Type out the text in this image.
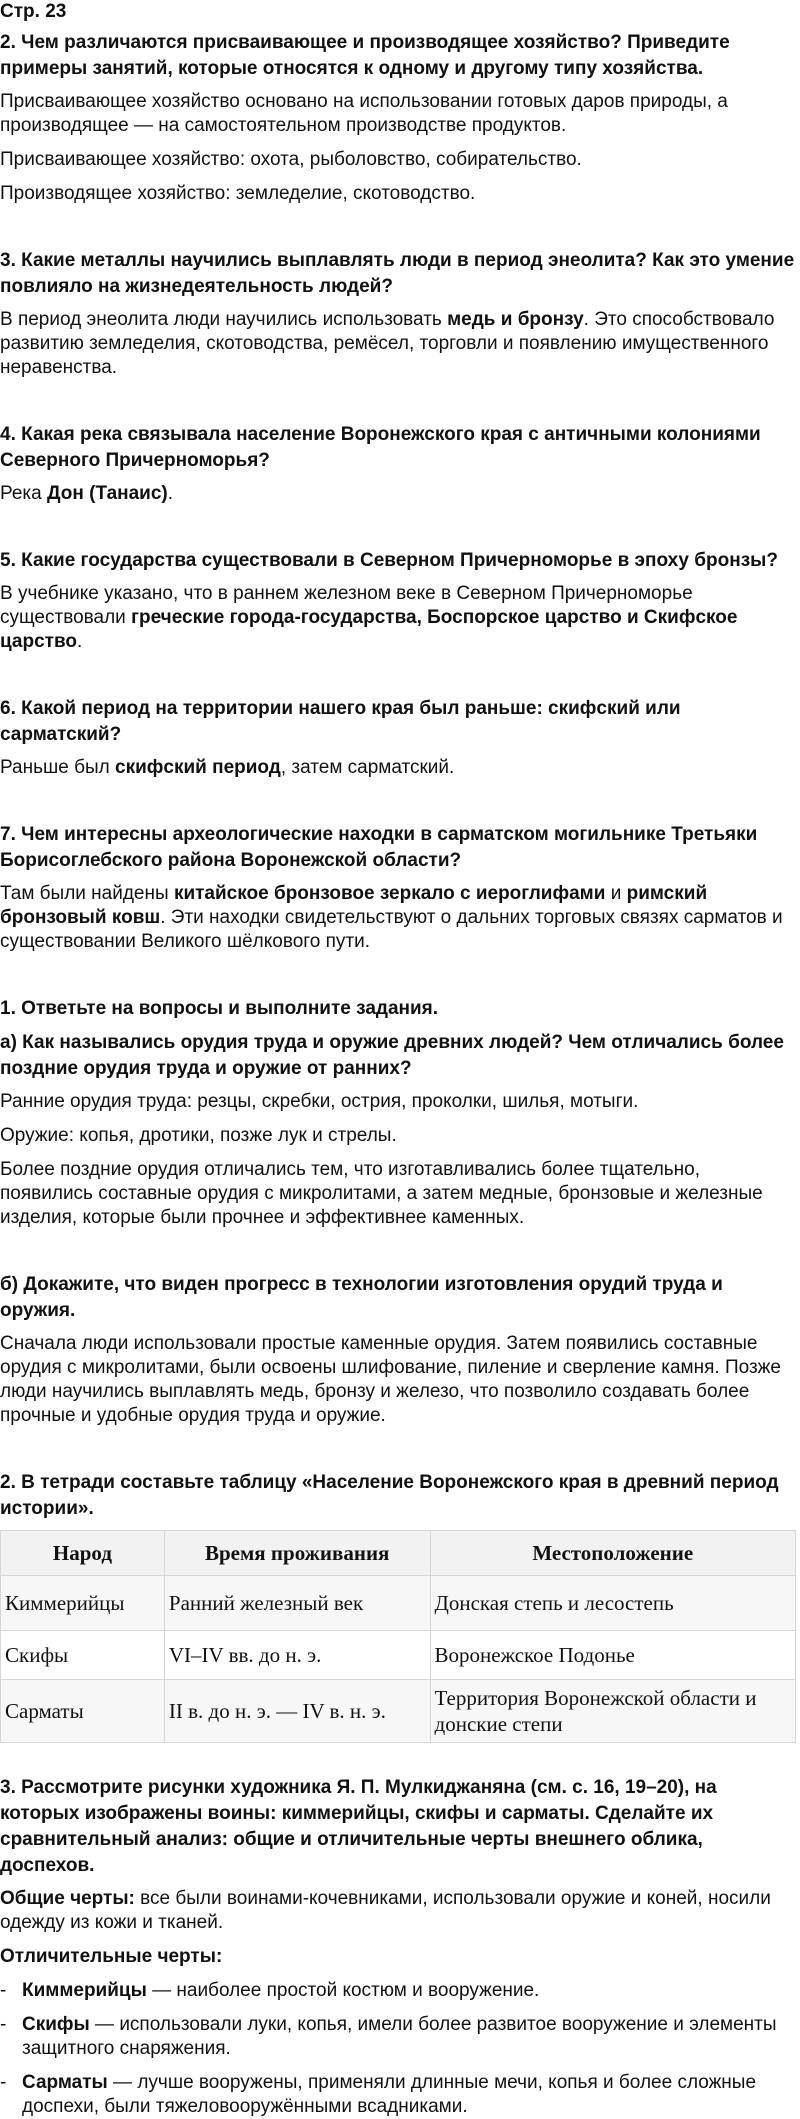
Стр. 23
2. Чем различаются присваивающее и производящее хозяйство? Приведите примеры занятий, которые относятся к одному и другому типу хозяйства.
Присваивающее хозяйство основано на использовании готовых даров природы, а производящее — на самостоятельном производстве продуктов.
Присваивающее хозяйство: охота, рыболовство, собирательство.
Производящее хозяйство: земледелие, скотоводство.
3. Какие металлы научились выплавлять люди в период энеолита? Как это умение повлияло на жизнедеятельность людей?
В период энеолита люди научились использовать медь и бронзу. Это способствовало развитию земледелия, скотоводства, ремёсел, торговли и появлению имущественного неравенства.
4. Какая река связывала население Воронежского края с античными колониями Северного Причерноморья?
Река Дон (Танаис).
5. Какие государства существовали в Северном Причерноморье в эпоху бронзы?
В учебнике указано, что в раннем железном веке в Северном Причерноморье существовали греческие города-государства, Боспорское царство и Скифское царство.
6. Какой период на территории нашего края был раньше: скифский или сарматский?
Раньше был скифский период, затем сарматский.
7. Чем интересны археологические находки в сарматском могильнике Третьяки Борисоглебского района Воронежской области?
Там были найдены китайское бронзовое зеркало с иероглифами и римский бронзовый ковш. Эти находки свидетельствуют о дальних торговых связях сарматов и существовании Великого шёлкового пути.
1. Ответьте на вопросы и выполните задания.
а) Как назывались орудия труда и оружие древних людей? Чем отличались более поздние орудия труда и оружие от ранних?
Ранние орудия труда: резцы, скребки, острия, проколки, шилья, мотыги.
Оружие: копья, дротики, позже лук и стрелы.
Более поздние орудия отличались тем, что изготавливались более тщательно, появились составные орудия с микролитами, а затем медные, бронзовые и железные изделия, которые были прочнее и эффективнее каменных.
б) Докажите, что виден прогресс в технологии изготовления орудий труда и оружия.
Сначала люди использовали простые каменные орудия. Затем появились составные орудия с микролитами, были освоены шлифование, пиление и сверление камня. Позже люди научились выплавлять медь, бронзу и железо, что позволило создавать более прочные и удобные орудия труда и оружие.
2. В тетради составьте таблицу «Население Воронежского края в древний период истории».
Народ	Время проживания	Местоположение
Киммерийцы	Ранний железный век	Донская степь и лесостепь
Скифы	VI–IV вв. до н. э.	Воронежское Подонье
Сарматы	II в. до н. э. — IV в. н. э.	Территория Воронежской области и донские степи
3. Рассмотрите рисунки художника Я. П. Мулкиджаняна (см. с. 16, 19–20), на которых изображены воины: киммерийцы, скифы и сарматы. Сделайте их сравнительный анализ: общие и отличительные черты внешнего облика, доспехов.
Общие черты: все были воинами-кочевниками, использовали оружие и коней, носили одежду из кожи и тканей.
Отличительные черты:
- Киммерийцы — наиболее простой костюм и вооружение.
- Скифы — использовали луки, копья, имели более развитое вооружение и элементы защитного снаряжения.
- Сарматы — лучше вооружены, применяли длинные мечи, копья и более сложные доспехи, были тяжеловооружёнными всадниками.
